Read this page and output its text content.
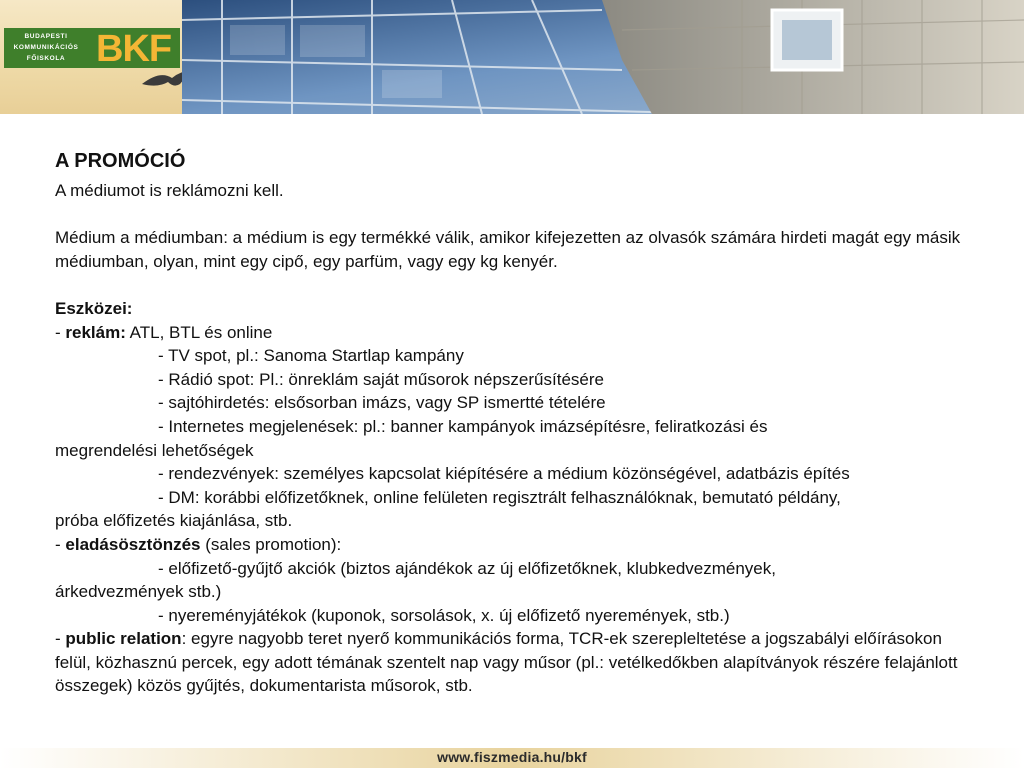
BUDAPESTI
KOMMUNIKÁCIÓS
FŐISKOLA BKF
A PROMÓCIÓ

A médiumot is reklámozni kell.

Médium a médiumban: a médium is egy termékké válik, amikor kifejezetten az olvasók számára hirdeti magát egy másik médiumban, olyan, mint egy cipő, egy parfüm, vagy egy kg kenyér.

Eszközei:

- reklám: ATL, BTL és online

- TV spot, pl.: Sanoma Startlap kampány

- Rádió spot: Pl.: önreklám saját műsorok népszerűsítésére

- sajtóhirdetés: elsősorban imázs, vagy SP ismertté tételére

- Internetes megjelenések: pl.: banner kampányok imázsépítésre, feliratkozási és

megrendelési lehetőségek

- rendezvények: személyes kapcsolat kiépítésére a médium közönségével, adatbázis építés

- DM: korábbi előfizetőknek, online felületen regisztrált felhasználóknak, bemutató példány,

próba előfizetés kiajánlása, stb.

- eladásösztönzés (sales promotion):

- előfizető-gyűjtő akciók (biztos ajándékok az új előfizetőknek, klubkedvezmények,

árkedvezmények stb.)

- nyereményjátékok (kuponok, sorsolások, x. új előfizető nyeremények, stb.)

- public relation: egyre nagyobb teret nyerő kommunikációs forma, TCR-ek szerepleltetése a jogszabályi előírásokon felül, közhasznú percek, egy adott témának szentelt nap vagy műsor (pl.: vetélkedőkben alapítványok részére felajánlott összegek) közös gyűjtés, dokumentarista műsorok, stb.

www.fiszmedia.hu/bkf
